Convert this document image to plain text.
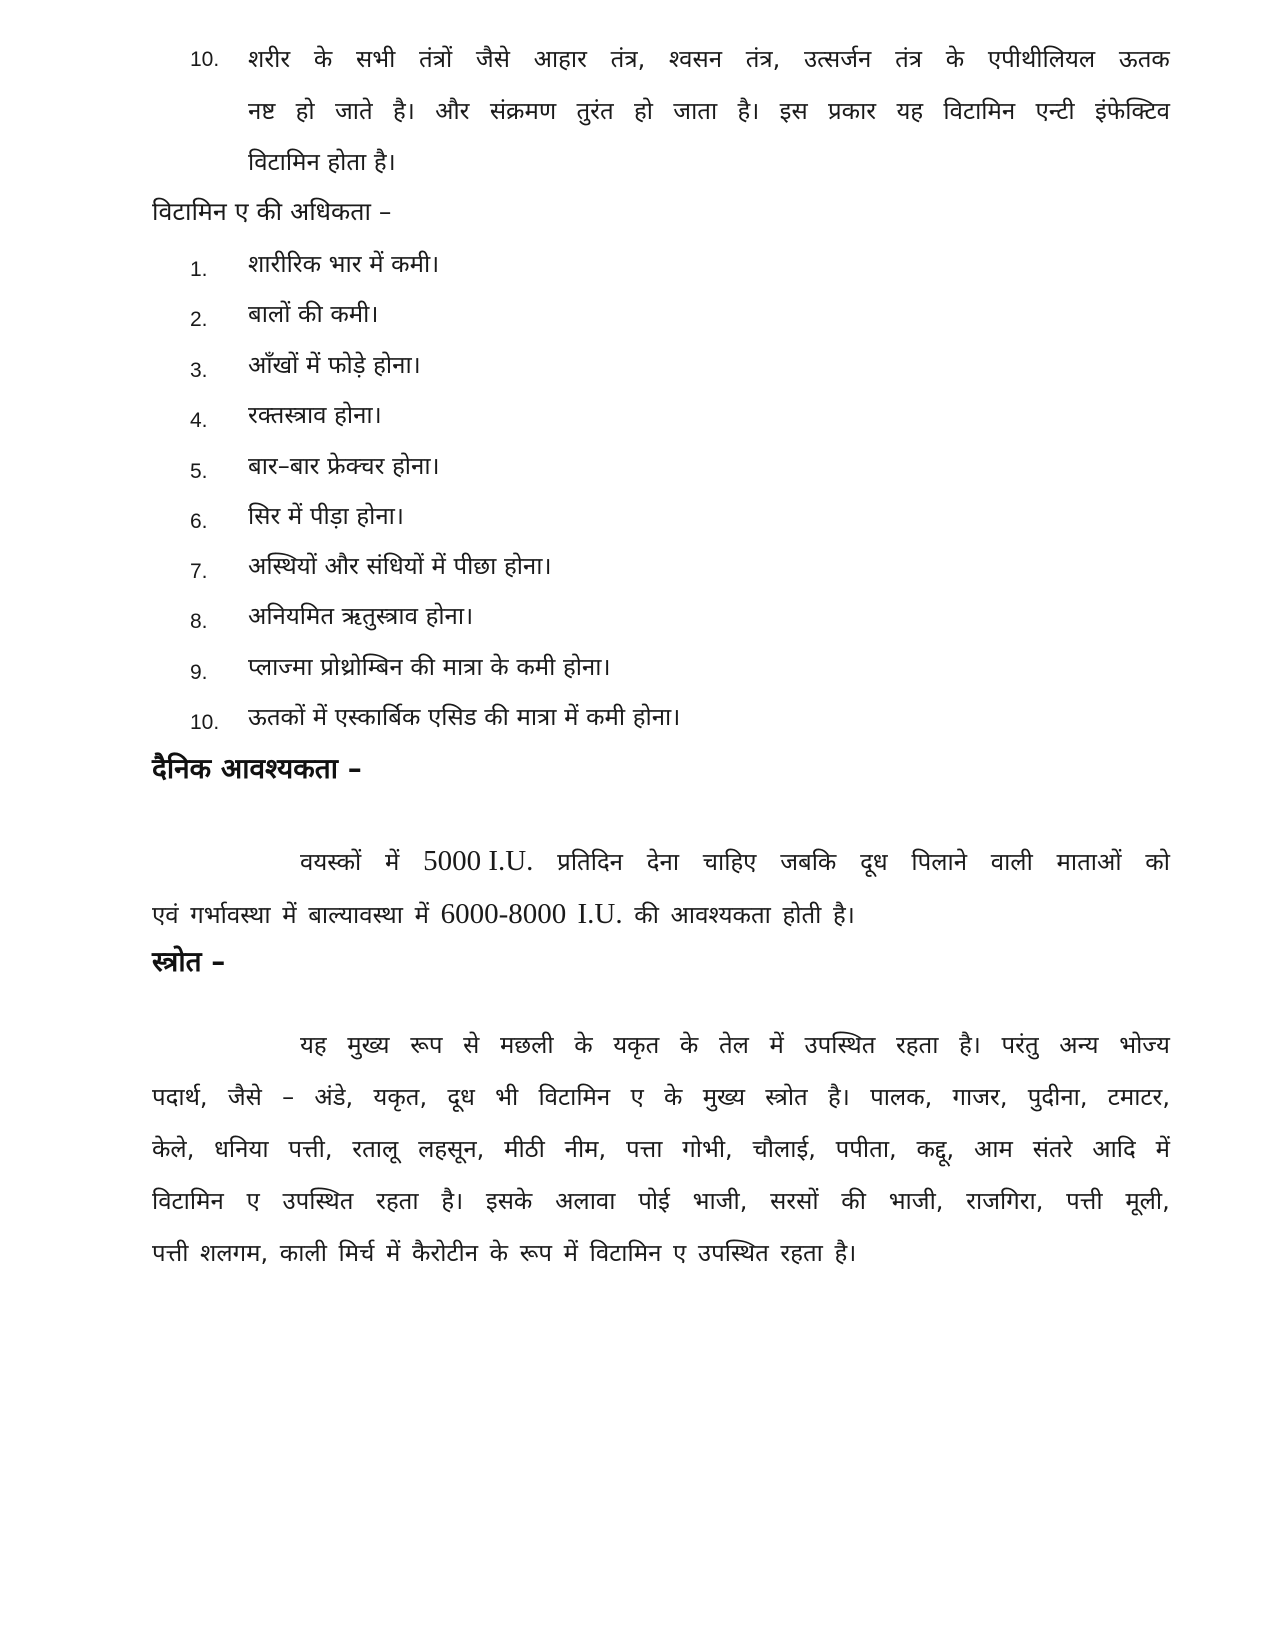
10. शरीर के सभी तंत्रों जैसे आहार तंत्र, श्वसन तंत्र, उत्सर्जन तंत्र के एपीथीलियल ऊतक
नष्ट हो जाते है। और संक्रमण तुरंत हो जाता है। इस प्रकार यह विटामिन एन्टी इंफेक्टिव
विटामिन होता है।
विटामिन ए की अधिकता –
1. शारीरिक भार में कमी।
2. बालों की कमी।
3. आँखों में फोड़े होना।
4. रक्तस्त्राव होना।
5. बार–बार फ्रेक्चर होना।
6. सिर में पीड़ा होना।
7. अस्थियों और संधियों में पीछा होना।
8. अनियमित ऋतुस्त्राव होना।
9. प्लाज्मा प्रोथ्रोम्बिन की मात्रा के कमी होना।
10. ऊतकों में एस्कार्बिक एसिड की मात्रा में कमी होना।
दैनिक आवश्यकता –
वयस्कों में 5000 I.U. प्रतिदिन देना चाहिए जबकि दूध पिलाने वाली माताओं को
एवं गर्भावस्था में बाल्यावस्था में 6000-8000 I.U. की आवश्यकता होती है।
स्त्रोत –
यह मुख्य रूप से मछली के यकृत के तेल में उपस्थित रहता है। परंतु अन्य भोज्य
पदार्थ, जैसे – अंडे, यकृत, दूध भी विटामिन ए के मुख्य स्त्रोत है। पालक, गाजर, पुदीना, टमाटर,
केले, धनिया पत्ती, रतालू लहसून, मीठी नीम, पत्ता गोभी, चौलाई, पपीता, कद्दू, आम संतरे आदि में
विटामिन ए उपस्थित रहता है। इसके अलावा पोई भाजी, सरसों की भाजी, राजगिरा, पत्ती मूली,
पत्ती शलगम, काली मिर्च में कैरोटीन के रूप में विटामिन ए उपस्थित रहता है।
